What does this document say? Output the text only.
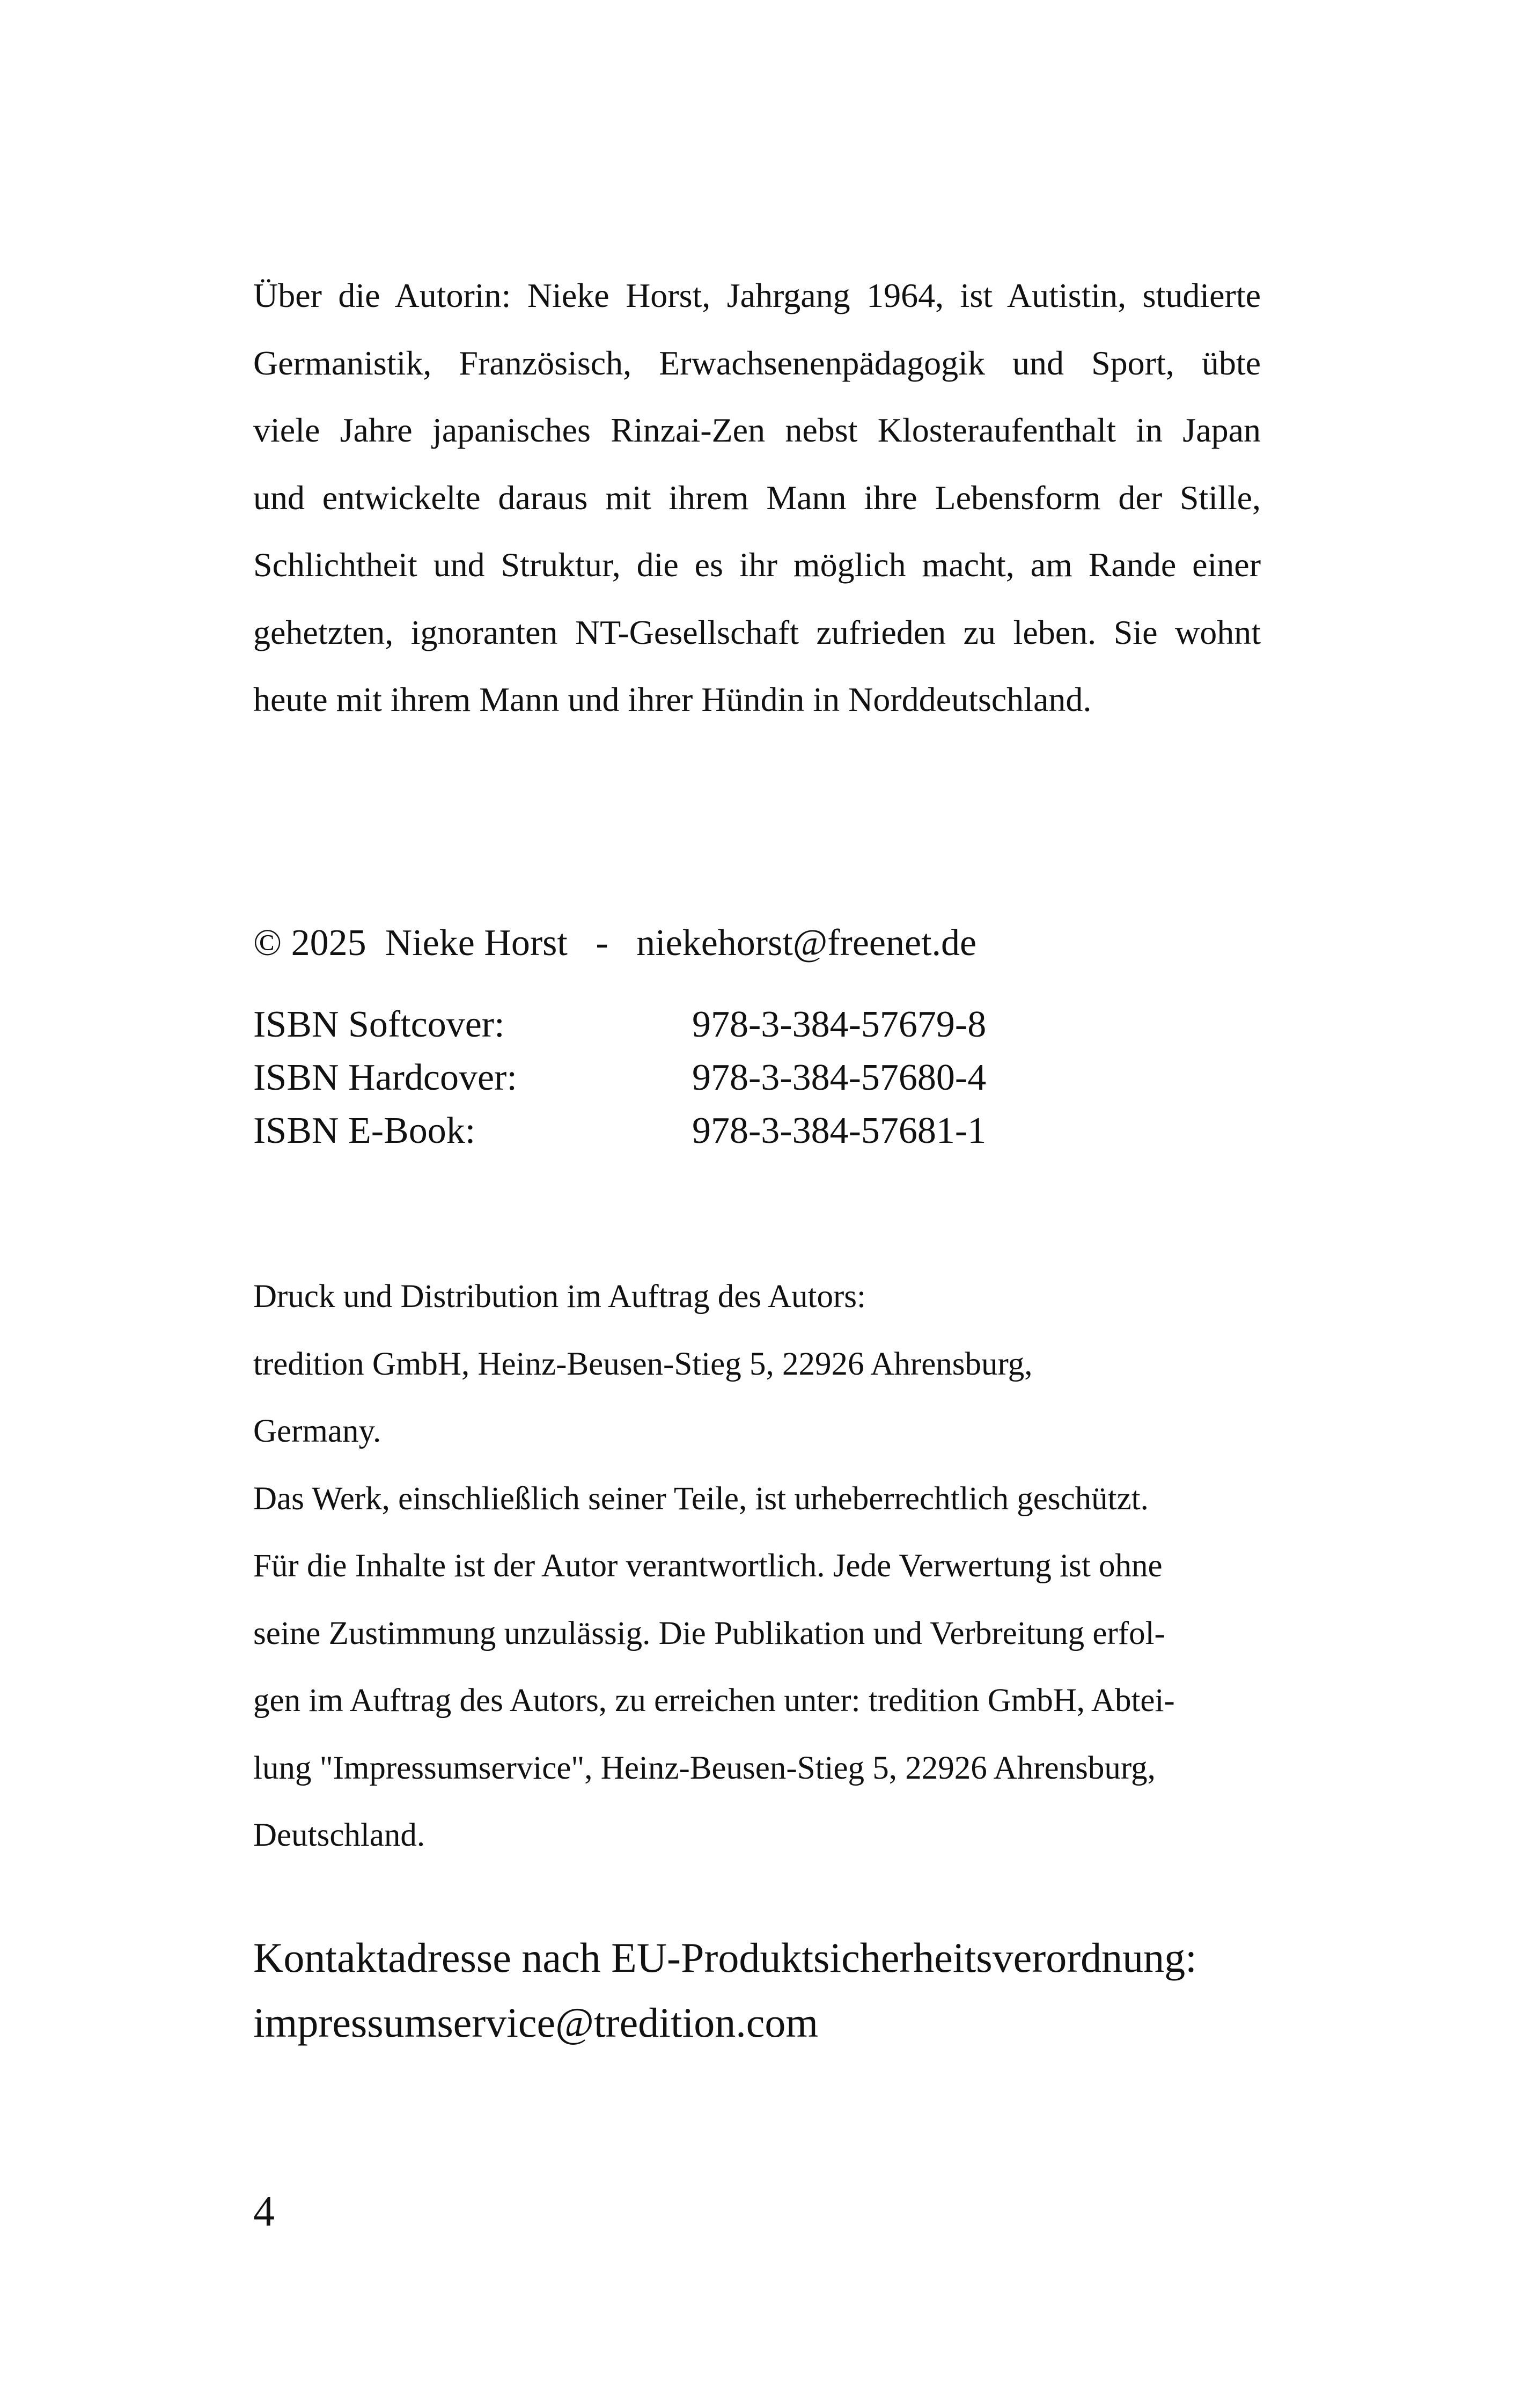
Über die Autorin: Nieke Horst, Jahrgang 1964, ist Autistin, studierte
Germanistik, Französisch, Erwachsenenpädagogik und Sport, übte
viele Jahre japanisches Rinzai-Zen nebst Klosteraufenthalt in Japan
und entwickelte daraus mit ihrem Mann ihre Lebensform der Stille,
Schlichtheit und Struktur, die es ihr möglich macht, am Rande einer
gehetzten, ignoranten NT-Gesellschaft zufrieden zu leben. Sie wohnt
heute mit ihrem Mann und ihrer Hündin in Norddeutschland.
© 2025  Nieke Horst   -   niekehorst@freenet.de
ISBN Softcover:	978-3-384-57679-8
ISBN Hardcover:	978-3-384-57680-4
ISBN E-Book:	978-3-384-57681-1
Druck und Distribution im Auftrag des Autors:
tredition GmbH, Heinz-Beusen-Stieg 5, 22926 Ahrensburg,
Germany.
Das Werk, einschließlich seiner Teile, ist urheberrechtlich geschützt.
Für die Inhalte ist der Autor verantwortlich. Jede Verwertung ist ohne
seine Zustimmung unzulässig. Die Publikation und Verbreitung erfol-
gen im Auftrag des Autors, zu erreichen unter: tredition GmbH, Abtei-
lung "Impressumservice", Heinz-Beusen-Stieg 5, 22926 Ahrensburg,
Deutschland.
Kontaktadresse nach EU-Produktsicherheitsverordnung:
impressumservice@tredition.com
4
